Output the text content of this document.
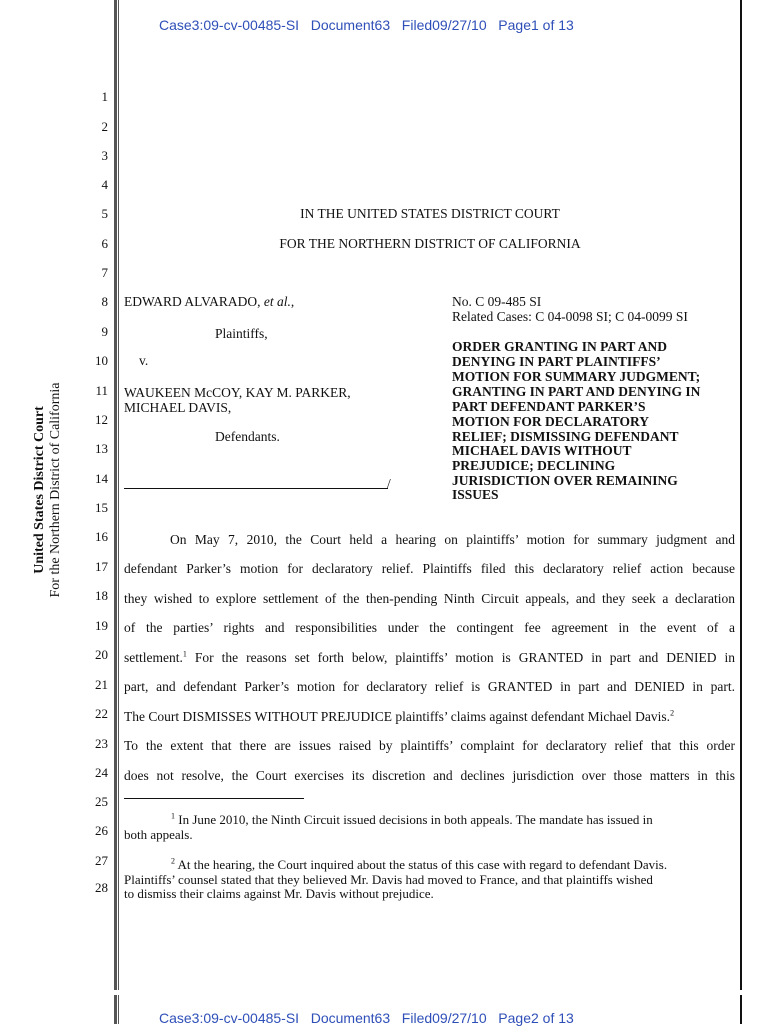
Case3:09-cv-00485-SI   Document63   Filed09/27/10   Page1 of 13
United States District Court For the Northern District of California
1
2
3
4
5
6
7
8
9
10
11
12
13
14
15
16
17
18
19
20
21
22
23
24
25
26
27
28
IN THE UNITED STATES DISTRICT COURT
FOR THE NORTHERN DISTRICT OF CALIFORNIA
EDWARD ALVARADO, et al.,
Plaintiffs,
v.
WAUKEEN McCOY, KAY M. PARKER,
MICHAEL DAVIS,
Defendants.
/
No. C 09-485 SI
Related Cases: C 04-0098 SI; C 04-0099 SI
ORDER GRANTING IN PART AND
DENYING IN PART PLAINTIFFS’
MOTION FOR SUMMARY JUDGMENT;
GRANTING IN PART AND DENYING IN
PART DEFENDANT PARKER’S
MOTION FOR DECLARATORY
RELIEF; DISMISSING DEFENDANT
MICHAEL DAVIS WITHOUT
PREJUDICE; DECLINING
JURISDICTION OVER REMAINING
ISSUES
On May 7, 2010, the Court held a hearing on plaintiffs’ motion for summary judgment and
defendant Parker’s motion for declaratory relief. Plaintiffs filed this declaratory relief action because
they wished to explore settlement of the then-pending Ninth Circuit appeals, and they seek a declaration
of the parties’ rights and responsibilities under the contingent fee agreement in the event of a
settlement.$^1$ For the reasons set forth below, plaintiffs’ motion is GRANTED in part and DENIED in
part, and defendant Parker’s motion for declaratory relief is GRANTED in part and DENIED in part.
The Court DISMISSES WITHOUT PREJUDICE plaintiffs’ claims against defendant Michael Davis.$^2$
To the extent that there are issues raised by plaintiffs’ complaint for declaratory relief that this order
does not resolve, the Court exercises its discretion and declines jurisdiction over those matters in this
$^1$ In June 2010, the Ninth Circuit issued decisions in both appeals. The mandate has issued in
both appeals.
$^2$ At the hearing, the Court inquired about the status of this case with regard to defendant Davis.
Plaintiffs’ counsel stated that they believed Mr. Davis had moved to France, and that plaintiffs wished
to dismiss their claims against Mr. Davis without prejudice.
Case3:09-cv-00485-SI   Document63   Filed09/27/10   Page2 of 13
